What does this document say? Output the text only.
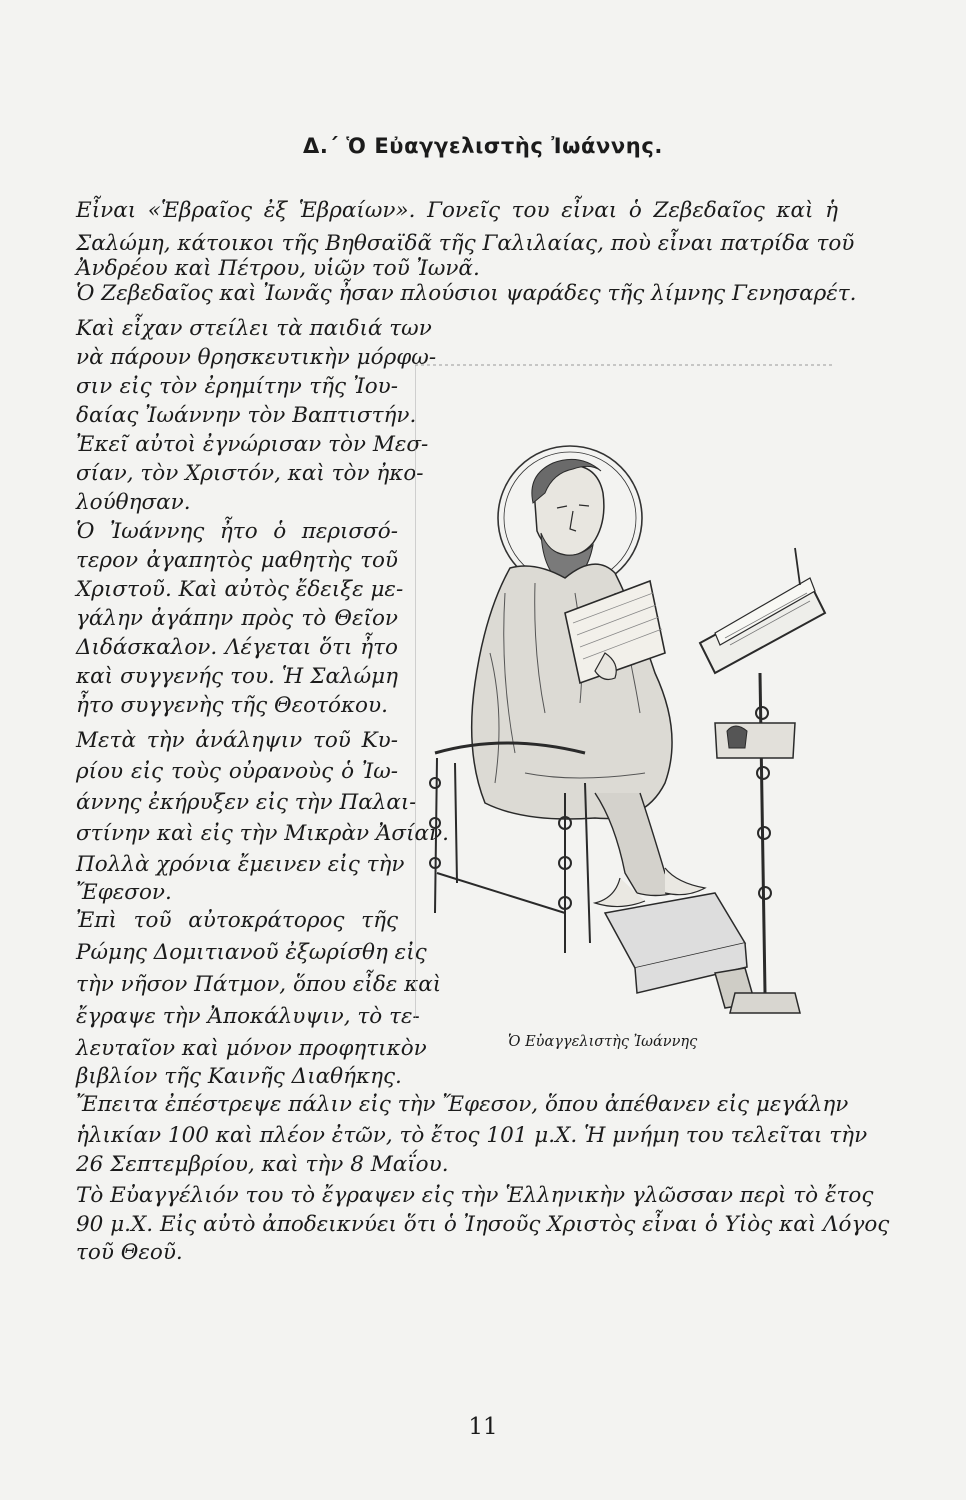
Δ.΄ Ὁ Εὐαγγελιστὴς Ἰωάννης.
Εἶναι «Ἑβραῖος ἐξ Ἑβραίων». Γονεῖς του εἶναι ὁ Ζεβεδαῖος καὶ ἡ
Σαλώμη, κάτοικοι τῆς Βηθσαϊδᾶ τῆς Γαλιλαίας, ποὺ εἶναι πατρίδα τοῦ
Ἀνδρέου καὶ Πέτρου, υἱῶν τοῦ Ἰωνᾶ.
Ὁ Ζεβεδαῖος καὶ Ἰωνᾶς ἦσαν πλούσιοι ψαράδες τῆς λίμνης Γενησαρέτ.
Καὶ εἶχαν στείλει τὰ παιδιά των
νὰ πάρουν θρησκευτικὴν μόρφω-
σιν εἰς τὸν ἐρημίτην τῆς Ἰου-
δαίας Ἰωάννην τὸν Βαπτιστήν.
Ἐκεῖ αὐτοὶ ἐγνώρισαν τὸν Μεσ-
σίαν, τὸν Χριστόν, καὶ τὸν ἠκο-
λούθησαν.
Ὁ Ἰωάννης ἦτο ὁ περισσό-
τερον ἀγαπητὸς μαθητὴς τοῦ
Χριστοῦ. Καὶ αὐτὸς ἔδειξε με-
γάλην ἀγάπην πρὸς τὸ Θεῖον
Διδάσκαλον. Λέγεται ὅτι ἦτο
καὶ συγγενής του. Ἡ Σαλώμη
ἦτο συγγενὴς τῆς Θεοτόκου.
Μετὰ τὴν ἀνάληψιν τοῦ Κυ-
ρίου εἰς τοὺς οὐρανοὺς ὁ Ἰω-
άννης ἐκήρυξεν εἰς τὴν Παλαι-
στίνην καὶ εἰς τὴν Μικρὰν Ἀσίαν.
Πολλὰ χρόνια ἔμεινεν εἰς τὴν
Ἔφεσον.
Ἐπὶ τοῦ αὐτοκράτορος τῆς
Ρώμης Δομιτιανοῦ ἐξωρίσθη εἰς
τὴν νῆσον Πάτμον, ὅπου εἶδε καὶ
ἔγραψε τὴν Ἀποκάλυψιν, τὸ τε-
λευταῖον καὶ μόνον προφητικὸν
βιβλίον τῆς Καινῆς Διαθήκης.
Ἔπειτα ἐπέστρεψε πάλιν εἰς τὴν Ἔφεσον, ὅπου ἀπέθανεν εἰς μεγάλην
ἡλικίαν 100 καὶ πλέον ἐτῶν, τὸ ἔτος 101 μ.Χ. Ἡ μνήμη του τελεῖται τὴν
26 Σεπτεμβρίου, καὶ τὴν 8 Μαΐου.
Τὸ Εὐαγγέλιόν του τὸ ἔγραψεν εἰς τὴν Ἑλληνικὴν γλῶσσαν περὶ τὸ ἔτος
90 μ.Χ. Εἰς αὐτὸ ἀποδεικνύει ὅτι ὁ Ἰησοῦς Χριστὸς εἶναι ὁ Υἱὸς καὶ Λόγος
τοῦ Θεοῦ.
Ὁ Εὐαγγελιστὴς Ἰωάννης
11
